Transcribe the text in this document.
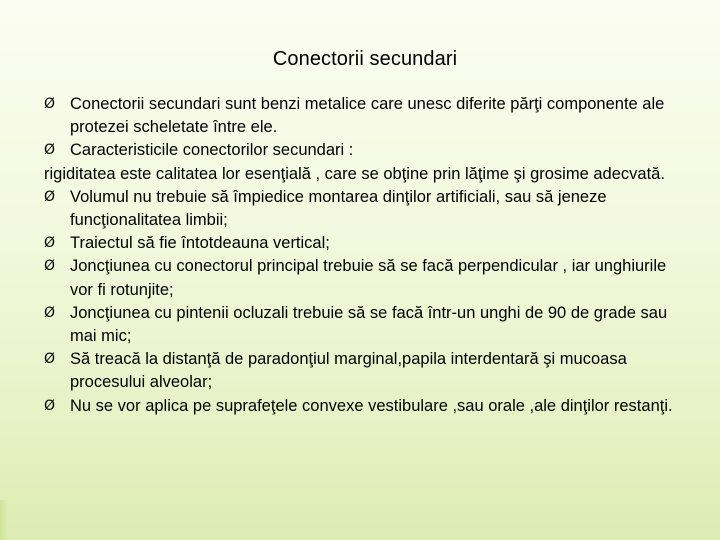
Conectorii secundari
Ø Conectorii secundari sunt benzi metalice care unesc diferite părţi componente ale protezei scheletate între ele.
Ø Caracteristicile conectorilor secundari :
rigiditatea este calitatea lor esenţială , care se obţine prin lăţime şi grosime adecvată.
Ø Volumul nu trebuie să împiedice montarea dinţilor artificiali, sau să jeneze funcţionalitatea limbii;
Ø Traiectul să fie întotdeauna vertical;
Ø Joncţiunea cu conectorul principal trebuie să se facă perpendicular , iar unghiurile vor fi rotunjite;
Ø Joncţiunea cu pintenii ocluzali trebuie să se facă într-un unghi de 90 de grade sau mai mic;
Ø Să treacă la distanţă de paradonţiul marginal,papila interdentară şi mucoasa procesului alveolar;
Ø Nu se vor aplica pe suprafeţele convexe vestibulare ,sau orale ,ale dinţilor restanţi.
